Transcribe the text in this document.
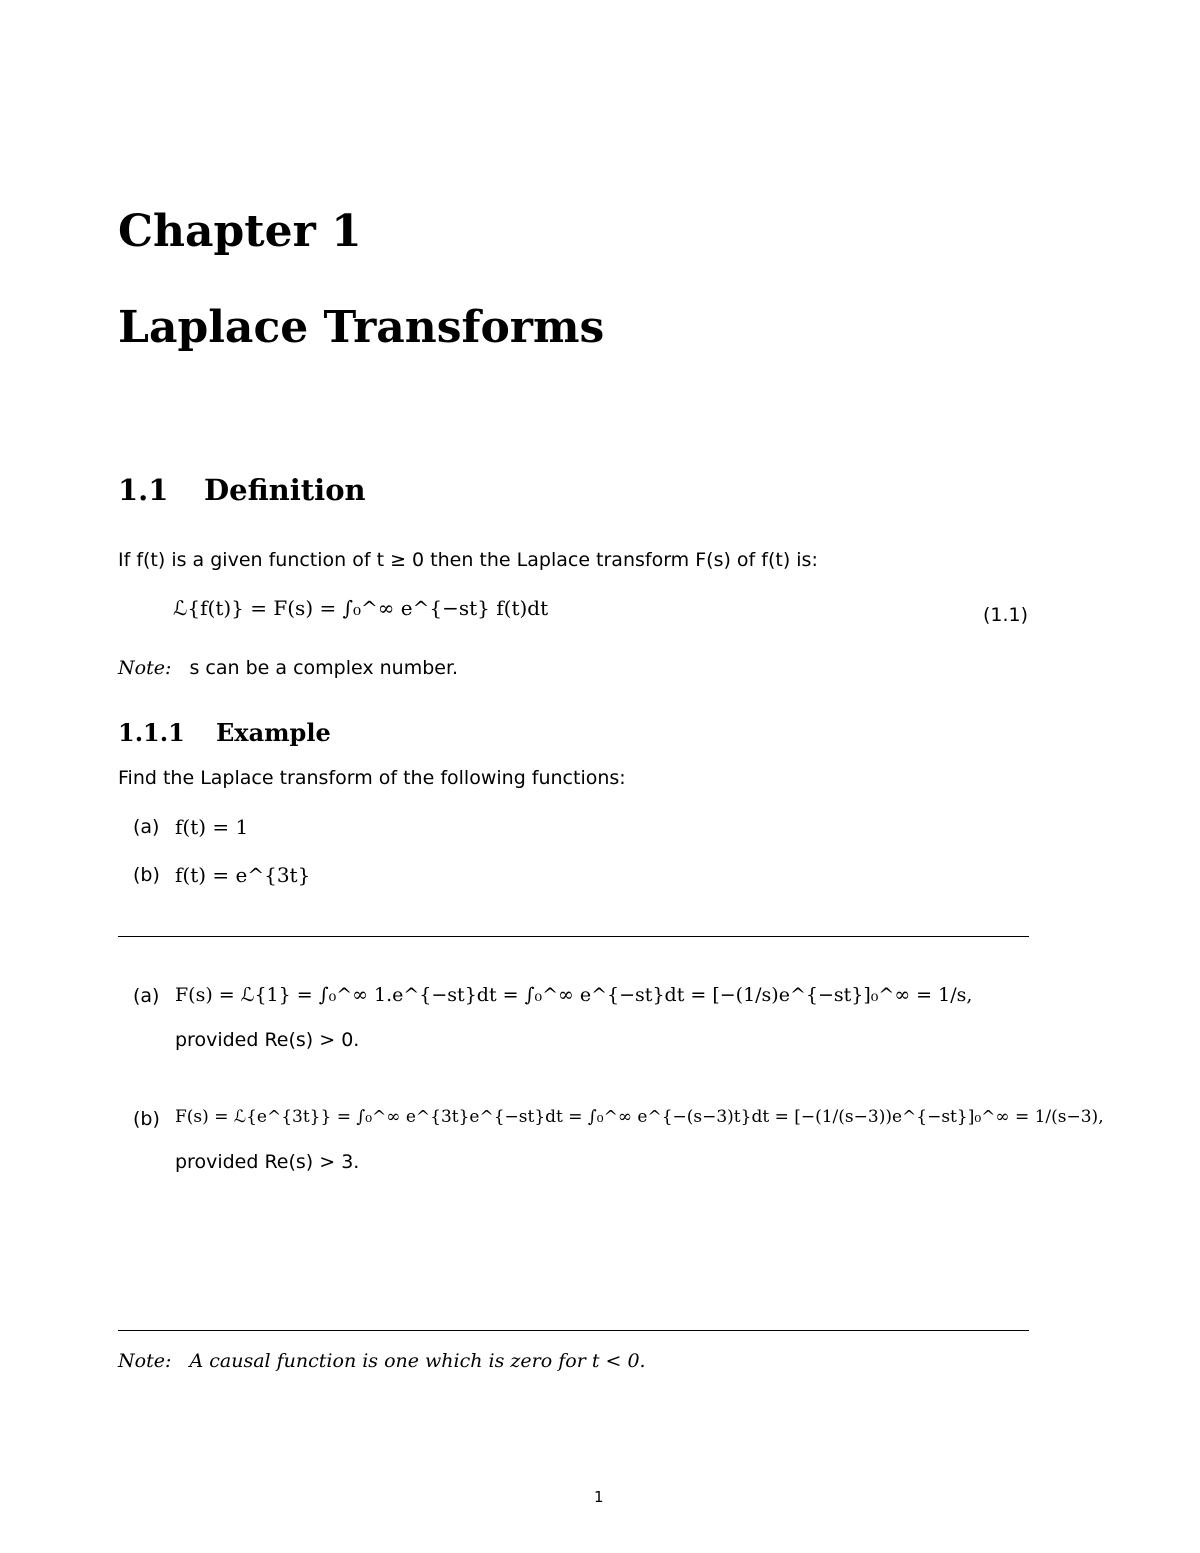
Chapter 1
Laplace Transforms
1.1 Definition
If f(t) is a given function of t ≥ 0 then the Laplace transform F(s) of f(t) is:
ℒ{f(t)} = F(s) = ∫₀^∞ e^{−st} f(t)dt	(1.1)
Note: s can be a complex number.
1.1.1 Example
Find the Laplace transform of the following functions:
(a) f(t) = 1
(b) f(t) = e^{3t}
(a) F(s) = ℒ{1} = ∫₀^∞ 1.e^{−st}dt = ∫₀^∞ e^{−st}dt = [−(1/s)e^{−st}]₀^∞ = 1/s,
provided Re(s) > 0.
(b) F(s) = ℒ{e^{3t}} = ∫₀^∞ e^{3t}e^{−st}dt = ∫₀^∞ e^{−(s−3)t}dt = [−(1/(s−3))e^{−st}]₀^∞ = 1/(s−3),
provided Re(s) > 3.
Note: A causal function is one which is zero for t < 0.
1
